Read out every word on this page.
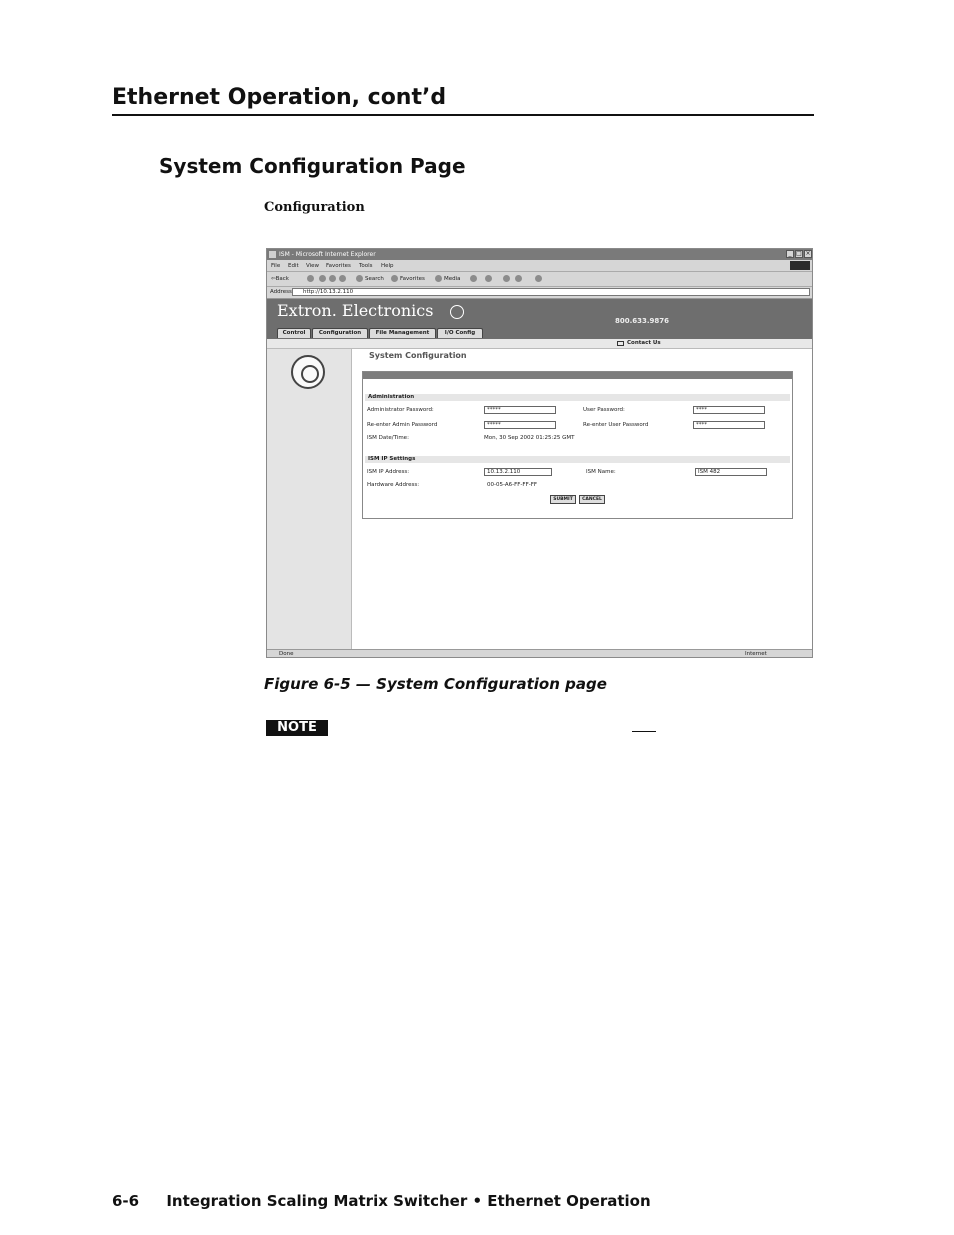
Ethernet Operation, cont’d
System Configuration Page
Configuration
ISM - Microsoft Internet Explorer	_ □ ×
File Edit View Favorites Tools Help
⇦Back	Search	Favorites	Media
Address http://10.13.2.110
Extron. Electronics
800.633.9876
Control	Configuration	File Management	I/O Config
Contact Us
System Configuration
Administration
Administrator Password:	*****	User Password:	****
Re-enter Admin Password	*****	Re-enter User Password	****
ISM Date/Time:	Mon, 30 Sep 2002 01:25:25 GMT
ISM IP Settings
ISM IP Address:	10.13.2.110	ISM Name:	ISM 482
Hardware Address:	00-05-A6-FF-FF-FF
SUBMIT	CANCEL
Done	Internet
Figure 6-5 — System Configuration page
NOTE
6-6 Integration Scaling Matrix Switcher • Ethernet Operation
